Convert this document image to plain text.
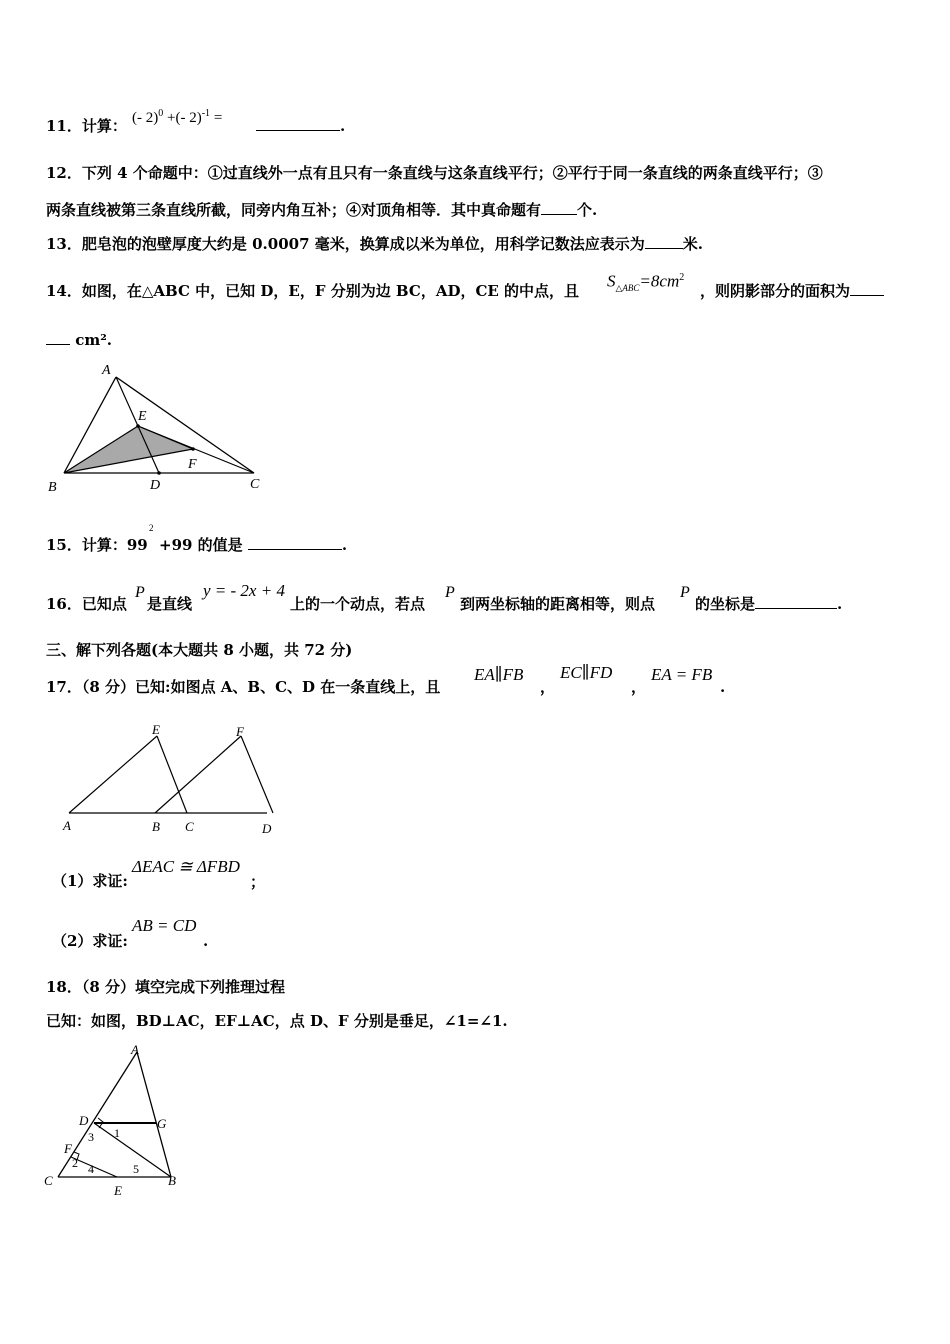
11．计算： (- 2)$^0$ +(- 2)$^{-1}$ =	.
12．下列 4 个命题中：①过直线外一点有且只有一条直线与这条直线平行；②平行于同一条直线的两条直线平行；③
两条直线被第三条直线所截，同旁内角互补；④对顶角相等．其中真命题有 个.
13．肥皂泡的泡壁厚度大约是 0.0007 毫米，换算成以米为单位，用科学记数法应表示为	米.
14．如图，在△ABC 中，已知 D，E，F 分别为边 BC，AD，CE 的中点，且
$S_{\triangle ABC}=8cm^2$
，则阴影部分的面积为
cm².
A
E
F
B	D	C
15．计算：99
2
+99 的值是	.
16．已知点
P
是直线
y = - 2x + 4
上的一个动点，若点
P
到两坐标轴的距离相等，则点
P
的坐标是	.
三、解下列各题(本大题共 8 小题，共 72 分)
17．（8 分）已知:如图点 A、B、C、D 在一条直线上，且
EA∥FB
，
EC∥FD
，
EA = FB
.
E	F
A	B C	D
（1）求证:
ΔEAC ≅ ΔFBD
；
（2）求证:
AB = CD
.
18．（8 分）填空完成下列推理过程
已知：如图，BD⊥AC，EF⊥AC，点 D、F 分别是垂足，∠1=∠1.
A
D	G
F
C
E
B
1
2
3
4	5
